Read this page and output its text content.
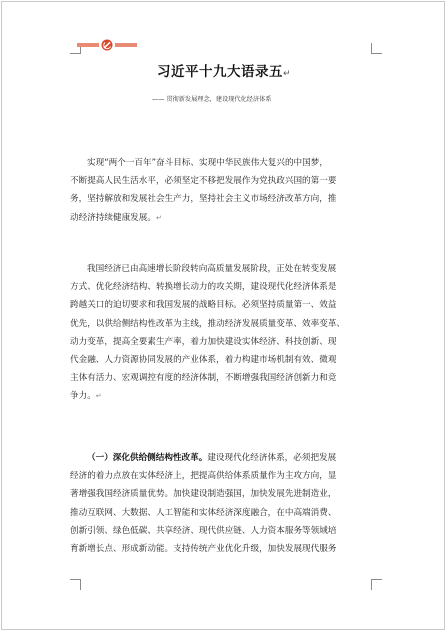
习近平十九大语录五↵
—— 贯彻新发展理念，建设现代化经济体系
实现“两个一百年”奋斗目标、实现中华民族伟大复兴的中国梦，
不断提高人民生活水平，必须坚定不移把发展作为党执政兴国的第一要
务，坚持解放和发展社会生产力，坚持社会主义市场经济改革方向，推
动经济持续健康发展。↵
我国经济已由高速增长阶段转向高质量发展阶段，正处在转变发展
方式、优化经济结构、转换增长动力的攻关期，建设现代化经济体系是
跨越关口的迫切要求和我国发展的战略目标。必须坚持质量第一、效益
优先，以供给侧结构性改革为主线，推动经济发展质量变革、效率变革、
动力变革，提高全要素生产率，着力加快建设实体经济、科技创新、现
代金融、人力资源协同发展的产业体系，着力构建市场机制有效、微观
主体有活力、宏观调控有度的经济体制，不断增强我国经济创新力和竞
争力。↵
（一）深化供给侧结构性改革。建设现代化经济体系，必须把发展
经济的着力点放在实体经济上，把提高供给体系质量作为主攻方向，显
著增强我国经济质量优势。加快建设制造强国，加快发展先进制造业，
推动互联网、大数据、人工智能和实体经济深度融合，在中高端消费、
创新引领、绿色低碳、共享经济、现代供应链、人力资本服务等领域培
育新增长点、形成新动能。支持传统产业优化升级，加快发展现代服务
